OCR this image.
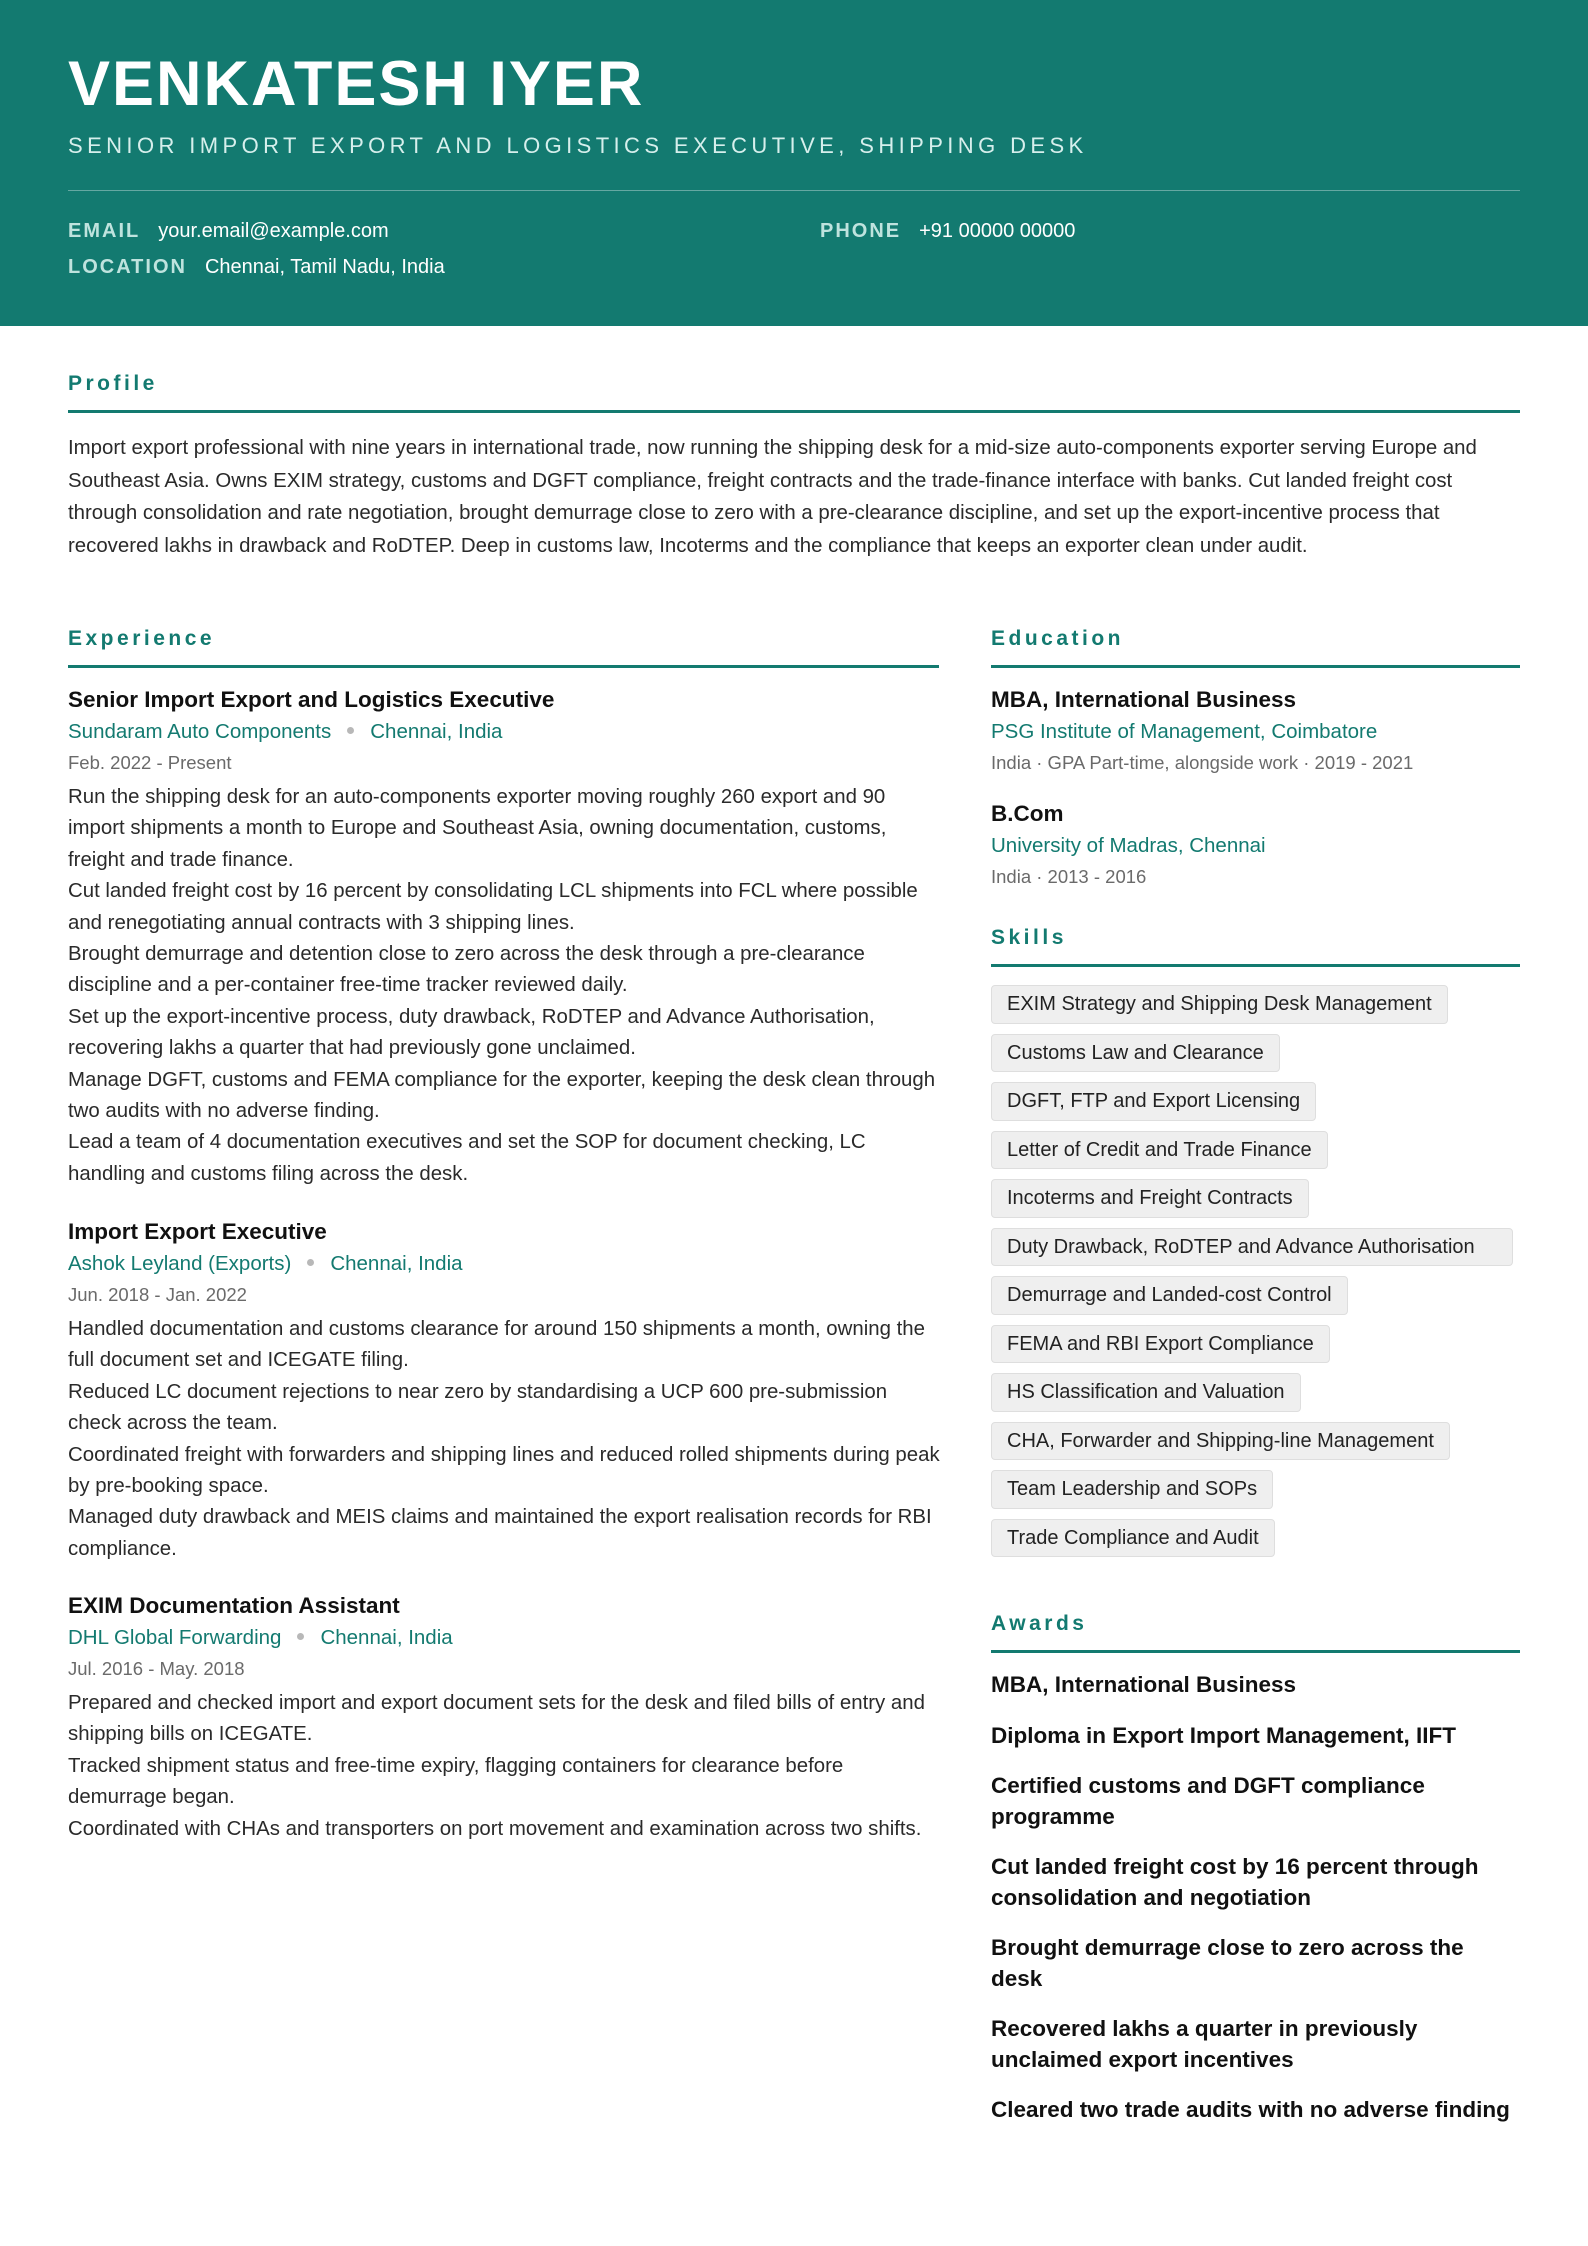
VENKATESH IYER
SENIOR IMPORT EXPORT AND LOGISTICS EXECUTIVE, SHIPPING DESK
EMAIL your.email@example.com	PHONE +91 00000 00000
LOCATION Chennai, Tamil Nadu, India
Profile
Import export professional with nine years in international trade, now running the shipping desk for a mid-size auto-components exporter serving Europe and Southeast Asia. Owns EXIM strategy, customs and DGFT compliance, freight contracts and the trade-finance interface with banks. Cut landed freight cost through consolidation and rate negotiation, brought demurrage close to zero with a pre-clearance discipline, and set up the export-incentive process that recovered lakhs in drawback and RoDTEP. Deep in customs law, Incoterms and the compliance that keeps an exporter clean under audit.
Experience
Senior Import Export and Logistics Executive
Sundaram Auto Components Chennai, India
Feb. 2022 - Present
Run the shipping desk for an auto-components exporter moving roughly 260 export and 90 import shipments a month to Europe and Southeast Asia, owning documentation, customs, freight and trade finance.
Cut landed freight cost by 16 percent by consolidating LCL shipments into FCL where possible and renegotiating annual contracts with 3 shipping lines.
Brought demurrage and detention close to zero across the desk through a pre-clearance discipline and a per-container free-time tracker reviewed daily.
Set up the export-incentive process, duty drawback, RoDTEP and Advance Authorisation, recovering lakhs a quarter that had previously gone unclaimed.
Manage DGFT, customs and FEMA compliance for the exporter, keeping the desk clean through two audits with no adverse finding.
Lead a team of 4 documentation executives and set the SOP for document checking, LC handling and customs filing across the desk.
Import Export Executive
Ashok Leyland (Exports) Chennai, India
Jun. 2018 - Jan. 2022
Handled documentation and customs clearance for around 150 shipments a month, owning the full document set and ICEGATE filing.
Reduced LC document rejections to near zero by standardising a UCP 600 pre-submission check across the team.
Coordinated freight with forwarders and shipping lines and reduced rolled shipments during peak by pre-booking space.
Managed duty drawback and MEIS claims and maintained the export realisation records for RBI compliance.
EXIM Documentation Assistant
DHL Global Forwarding Chennai, India
Jul. 2016 - May. 2018
Prepared and checked import and export document sets for the desk and filed bills of entry and shipping bills on ICEGATE.
Tracked shipment status and free-time expiry, flagging containers for clearance before demurrage began.
Coordinated with CHAs and transporters on port movement and examination across two shifts.
Education
MBA, International Business
PSG Institute of Management, Coimbatore
India · GPA Part-time, alongside work · 2019 - 2021
B.Com
University of Madras, Chennai
India · 2013 - 2016
Skills
EXIM Strategy and Shipping Desk Management
Customs Law and Clearance
DGFT, FTP and Export Licensing
Letter of Credit and Trade Finance
Incoterms and Freight Contracts
Duty Drawback, RoDTEP and Advance Authorisation
Demurrage and Landed-cost Control
FEMA and RBI Export Compliance
HS Classification and Valuation
CHA, Forwarder and Shipping-line Management
Team Leadership and SOPs
Trade Compliance and Audit
Awards
MBA, International Business
Diploma in Export Import Management, IIFT
Certified customs and DGFT compliance programme
Cut landed freight cost by 16 percent through consolidation and negotiation
Brought demurrage close to zero across the desk
Recovered lakhs a quarter in previously unclaimed export incentives
Cleared two trade audits with no adverse finding
